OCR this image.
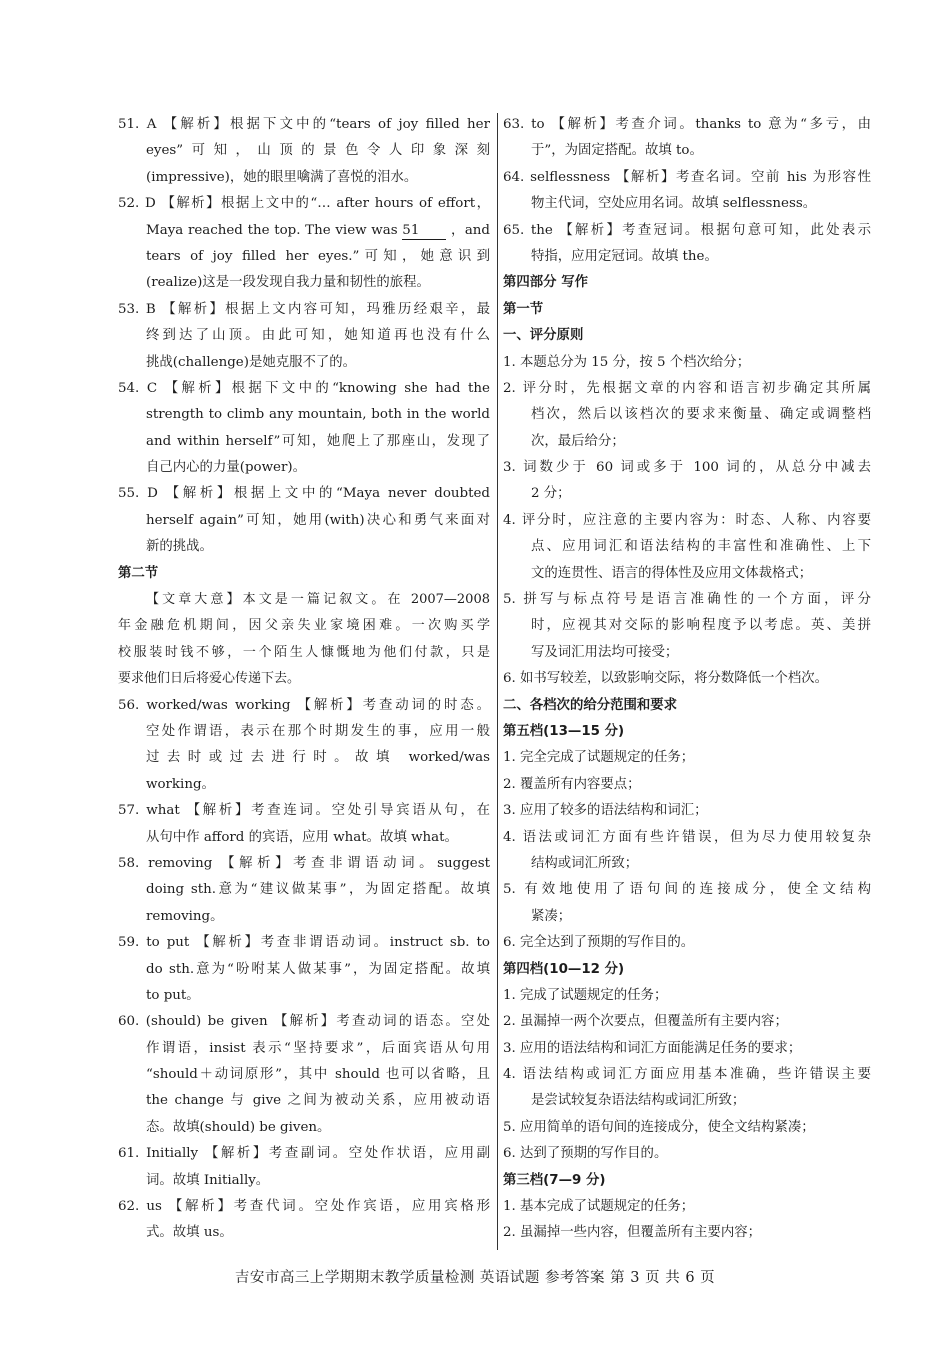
51. A 【解析】根据下文中的“tears of joy filled her
eyes”可知，山顶的景色令人印象深刻
(impressive)，她的眼里噙满了喜悦的泪水。
52. D 【解析】根据上文中的“… after hours of effort，
Maya reached the top. The view was 51 ，and
tears of joy filled her eyes.”可知，她意识到
(realize)这是一段发现自我力量和韧性的旅程。
53. B 【解析】根据上文内容可知，玛雅历经艰辛，最
终到达了山顶。由此可知，她知道再也没有什么
挑战(challenge)是她克服不了的。
54. C 【解析】根据下文中的“knowing she had the
strength to climb any mountain, both in the world
and within herself”可知，她爬上了那座山，发现了
自己内心的力量(power)。
55. D 【解析】根据上文中的“Maya never doubted
herself again”可知，她用(with)决心和勇气来面对
新的挑战。
第二节
【文章大意】本文是一篇记叙文。在 2007—2008
年金融危机期间，因父亲失业家境困难。一次购买学
校服装时钱不够，一个陌生人慷慨地为他们付款，只是
要求他们日后将爱心传递下去。
56. worked/was working 【解析】考查动词的时态。
空处作谓语，表示在那个时期发生的事，应用一般
过去时或过去进行时。故填 worked/was
working。
57. what 【解析】考查连词。空处引导宾语从句，在
从句中作 afford 的宾语，应用 what。故填 what。
58. removing 【解析】考查非谓语动词。suggest
doing sth.意为“建议做某事”，为固定搭配。故填
removing。
59. to put 【解析】考查非谓语动词。instruct sb. to
do sth.意为“吩咐某人做某事”，为固定搭配。故填
to put。
60. (should) be given 【解析】考查动词的语态。空处
作谓语，insist 表示“坚持要求”，后面宾语从句用
“should＋动词原形”，其中 should 也可以省略，且
the change 与 give 之间为被动关系，应用被动语
态。故填(should) be given。
61. Initially 【解析】考查副词。空处作状语，应用副
词。故填 Initially。
62. us 【解析】考查代词。空处作宾语，应用宾格形
式。故填 us。
63. to 【解析】考查介词。thanks to 意为“多亏，由
于”，为固定搭配。故填 to。
64. selflessness 【解析】考查名词。空前 his 为形容性
物主代词，空处应用名词。故填 selflessness。
65. the 【解析】考查冠词。根据句意可知，此处表示
特指，应用定冠词。故填 the。
第四部分 写作
第一节
一、评分原则
1. 本题总分为 15 分，按 5 个档次给分；
2. 评分时，先根据文章的内容和语言初步确定其所属
档次，然后以该档次的要求来衡量、确定或调整档
次，最后给分；
3. 词数少于 60 词或多于 100 词的，从总分中减去
2 分；
4. 评分时，应注意的主要内容为：时态、人称、内容要
点、应用词汇和语法结构的丰富性和准确性、上下
文的连贯性、语言的得体性及应用文体裁格式；
5. 拼写与标点符号是语言准确性的一个方面，评分
时，应视其对交际的影响程度予以考虑。英、美拼
写及词汇用法均可接受；
6. 如书写较差，以致影响交际，将分数降低一个档次。
二、各档次的给分范围和要求
第五档(13—15 分)
1. 完全完成了试题规定的任务；
2. 覆盖所有内容要点；
3. 应用了较多的语法结构和词汇；
4. 语法或词汇方面有些许错误，但为尽力使用较复杂
结构或词汇所致；
5. 有效地使用了语句间的连接成分，使全文结构
紧凑；
6. 完全达到了预期的写作目的。
第四档(10—12 分)
1. 完成了试题规定的任务；
2. 虽漏掉一两个次要点，但覆盖所有主要内容；
3. 应用的语法结构和词汇方面能满足任务的要求；
4. 语法结构或词汇方面应用基本准确，些许错误主要
是尝试较复杂语法结构或词汇所致；
5. 应用简单的语句间的连接成分，使全文结构紧凑；
6. 达到了预期的写作目的。
第三档(7—9 分)
1. 基本完成了试题规定的任务；
2. 虽漏掉一些内容，但覆盖所有主要内容；
吉安市高三上学期期末教学质量检测 英语试题 参考答案 第 3 页 共 6 页
